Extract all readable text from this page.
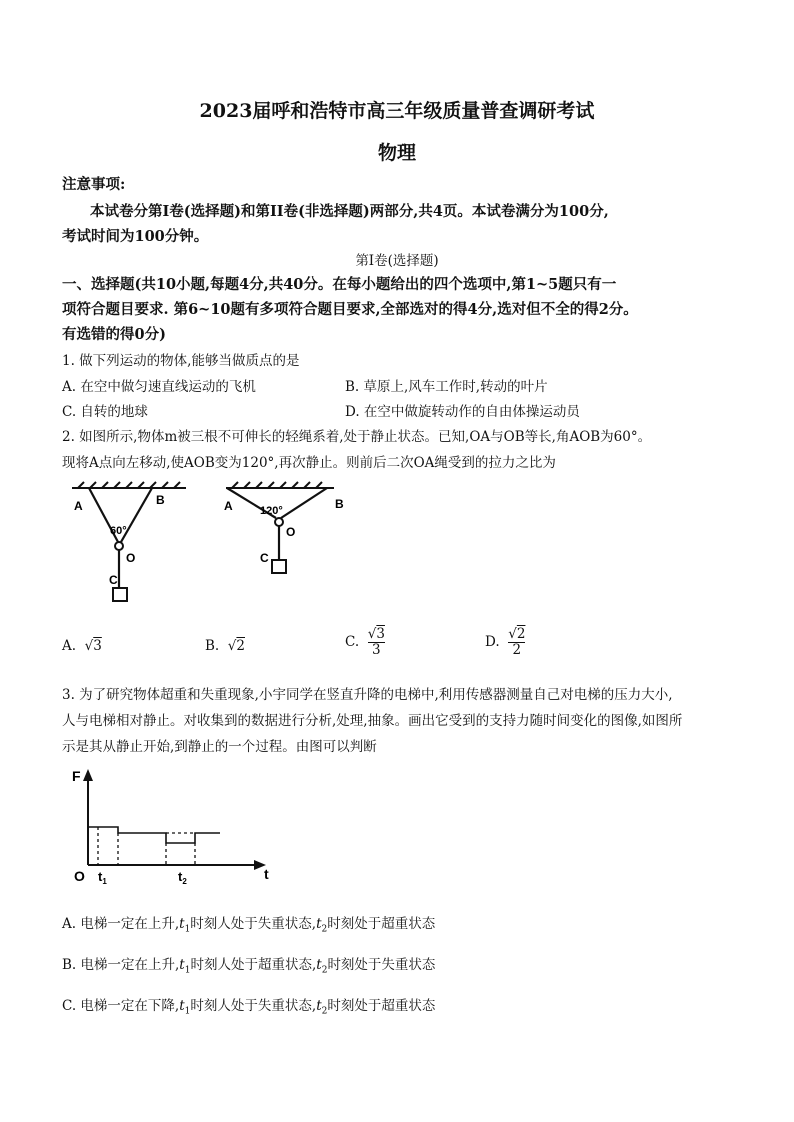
2023届呼和浩特市高三年级质量普查调研考试
物理
注意事项:
本试卷分第Ⅰ卷(选择题)和第II卷(非选择题)两部分,共4页。本试卷满分为100分,
考试时间为100分钟。
第Ⅰ卷(选择题)
一、选择题(共10小题,每题4分,共40分。在每小题给出的四个选项中,第1~5题只有一
项符合题目要求. 第6~10题有多项符合题目要求,全部选对的得4分,选对但不全的得2分。
有选错的得0分)
1. 做下列运动的物体,能够当做质点的是
A. 在空中做匀速直线运动的飞机	B. 草原上,风车工作时,转动的叶片
C. 自转的地球	D. 在空中做旋转动作的自由体操运动员
2. 如图所示,物体m被三根不可伸长的轻绳系着,处于静止状态。已知,OA与OB等长,角AOB为60°。
现将A点向左移动,使AOB变为120°,再次静止。则前后二次OA绳受到的拉力之比为
A	B
60°
O
C
A	B
120°
O
C
A.  √3	B.  √2	C. $\frac{√3}{3}$	D. $\frac{√2}{2}$
3. 为了研究物体超重和失重现象,小宇同学在竖直升降的电梯中,利用传感器测量自己对电梯的压力大小,
人与电梯相对静止。对收集到的数据进行分析,处理,抽象。画出它受到的支持力随时间变化的图像,如图所
示是其从静止开始,到静止的一个过程。由图可以判断
F
t
O $t_1$	$t_2$
A. 电梯一定在上升$,t_1$时刻人处于失重状态$,t_2$时刻处于超重状态
B. 电梯一定在上升$,t_1$时刻人处于超重状态$,t_2$时刻处于失重状态
C. 电梯一定在下降$,t_1$时刻人处于失重状态$,t_2$时刻处于超重状态
